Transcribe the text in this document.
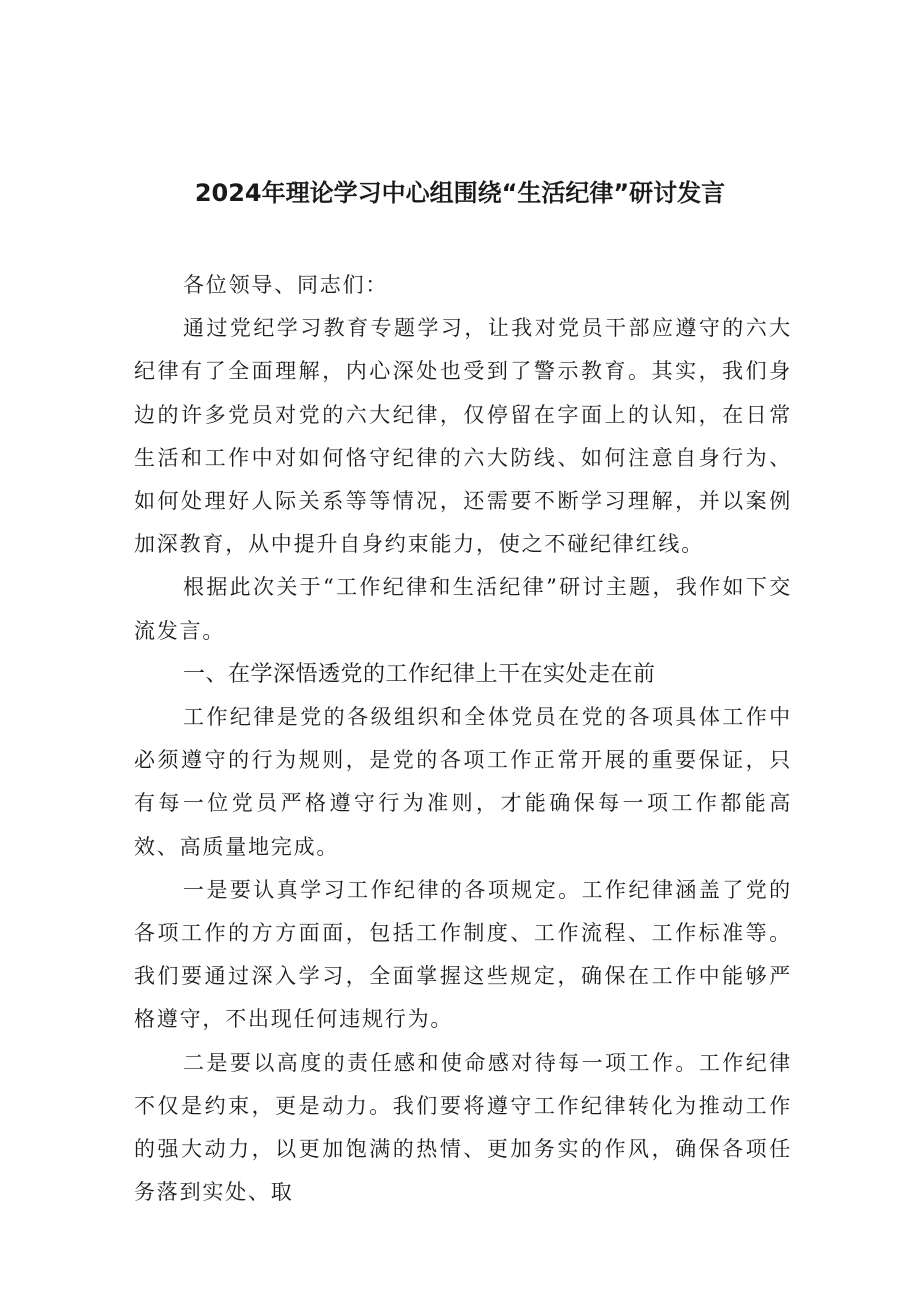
2024年理论学习中心组围绕“生活纪律”研讨发言

各位领导、同志们：

通过党纪学习教育专题学习，让我对党员干部应遵守的六大纪律有了全面理解，内心深处也受到了警示教育。其实，我们身边的许多党员对党的六大纪律，仅停留在字面上的认知，在日常生活和工作中对如何恪守纪律的六大防线、如何注意自身行为、如何处理好人际关系等等情况，还需要不断学习理解，并以案例加深教育，从中提升自身约束能力，使之不碰纪律红线。

根据此次关于“工作纪律和生活纪律”研讨主题，我作如下交流发言。

一、在学深悟透党的工作纪律上干在实处走在前

工作纪律是党的各级组织和全体党员在党的各项具体工作中必须遵守的行为规则，是党的各项工作正常开展的重要保证，只有每一位党员严格遵守行为准则，才能确保每一项工作都能高效、高质量地完成。

一是要认真学习工作纪律的各项规定。工作纪律涵盖了党的各项工作的方方面面，包括工作制度、工作流程、工作标准等。我们要通过深入学习，全面掌握这些规定，确保在工作中能够严格遵守，不出现任何违规行为。

二是要以高度的责任感和使命感对待每一项工作。工作纪律不仅是约束，更是动力。我们要将遵守工作纪律转化为推动工作的强大动力，以更加饱满的热情、更加务实的作风，确保各项任务落到实处、取
